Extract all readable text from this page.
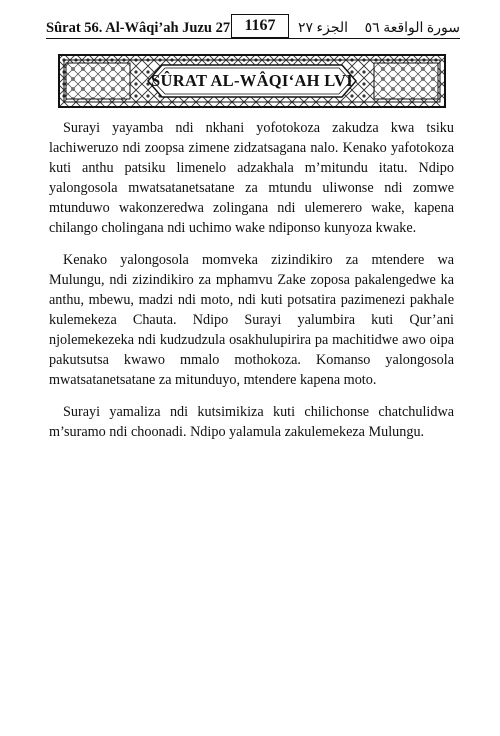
Sûrat 56. Al-Wâqi’ah Juzu 27 1167	الجزء ٢٧ سورة الواقعة ٥٦
SÛRAT AL-WÂQI‘AH LVI

Surayi yayamba ndi nkhani yofotokoza zakudza kwa tsiku lachiweruzo ndi zoopsa zimene zidzatsagana nalo. Kenako yafotokoza kuti anthu patsiku limenelo adzakhala m’mitundu itatu. Ndipo yalongosola mwatsatanetsatane za mtundu uliwonse ndi zomwe mtunduwo wakonzeredwa zolingana ndi ulemerero wake, kapena chilango cholingana ndi uchimo wake ndiponso kunyoza kwake.

Kenako yalongosola momveka zizindikiro za mtendere wa Mulungu, ndi zizindikiro za mphamvu Zake zoposa pakalengedwe ka anthu, mbewu, madzi ndi moto, ndi kuti potsatira pazimenezi pakhale kulemekeza Chauta. Ndipo Surayi yalumbira kuti Qur’ani njolemekezeka ndi kudzudzula osakhulupirira pa machitidwe awo oipa pakutsutsa kwawo mmalo mothokoza. Komanso yalongosola mwatsatanetsatane za mitunduyo, mtendere kapena moto.

Surayi yamaliza ndi kutsimikiza kuti chilichonse chatchulidwa m’suramo ndi choonadi. Ndipo yalamula zakulemekeza Mulungu.
